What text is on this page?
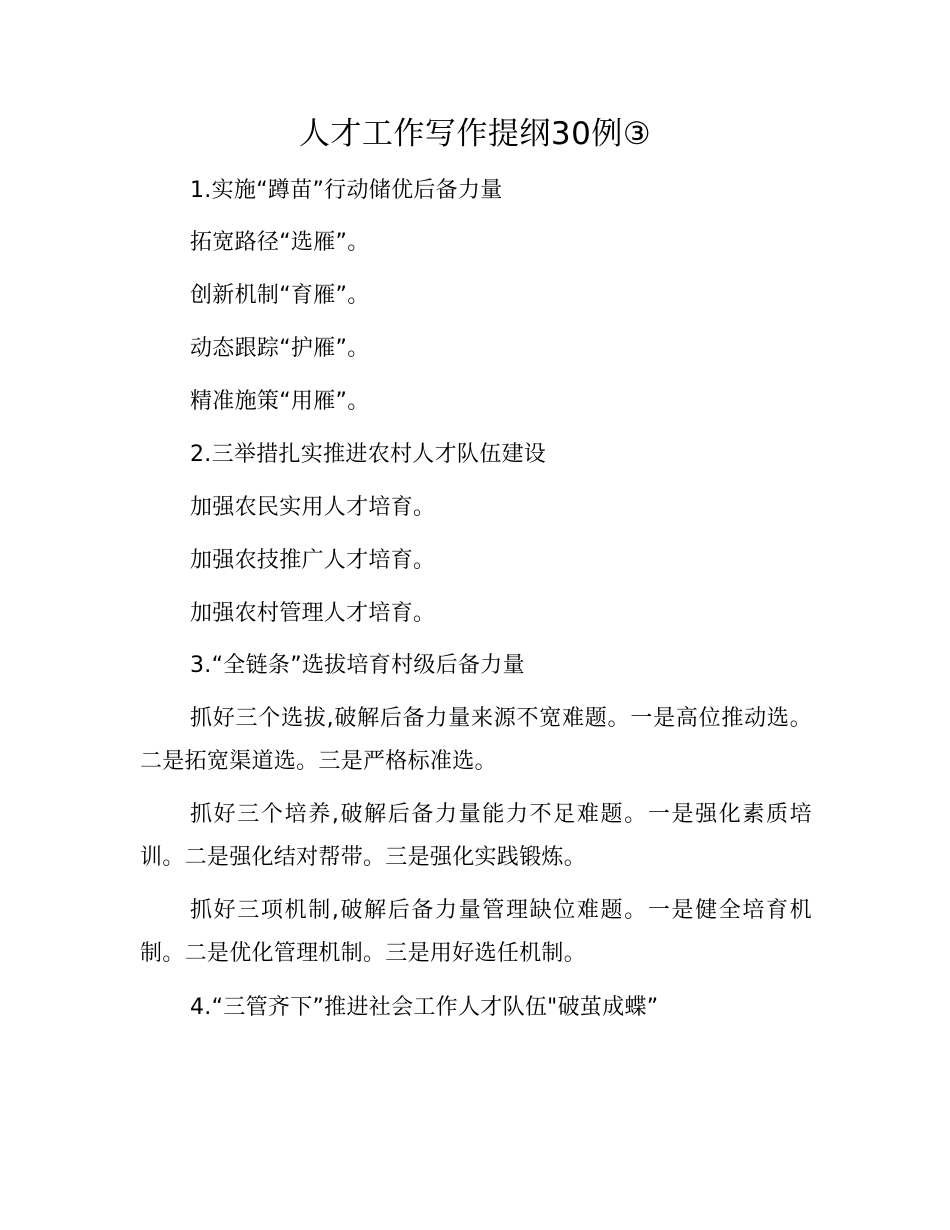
人才工作写作提纲30例③
1.实施“蹲苗”行动储优后备力量
拓宽路径“选雁”。
创新机制“育雁”。
动态跟踪“护雁”。
精准施策“用雁”。
2.三举措扎实推进农村人才队伍建设
加强农民实用人才培育。
加强农技推广人才培育。
加强农村管理人才培育。
3.“全链条”选拔培育村级后备力量
抓好三个选拔,破解后备力量来源不宽难题。一是高位推动选。二是拓宽渠道选。三是严格标准选。
抓好三个培养,破解后备力量能力不足难题。一是强化素质培训。二是强化结对帮带。三是强化实践锻炼。
抓好三项机制,破解后备力量管理缺位难题。一是健全培育机制。二是优化管理机制。三是用好选任机制。
4.“三管齐下”推进社会工作人才队伍"破茧成蝶”
